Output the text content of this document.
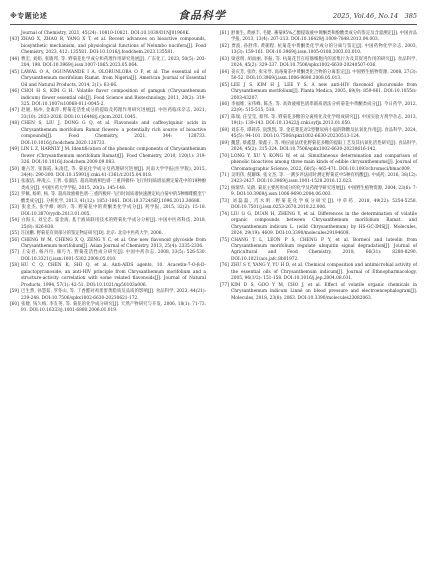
※专题论述	食品科学	2025, Vol.46, No.14　385

Journal of Chemistry, 2021, 45(24): 10810-10821. DOI:10.1039/D1NJ01960K.

[43] ZHAO X, ZHAO R, YANG X T, et al. Recent advances on bioactive compounds, biosynthetic mechanism, and physiological functions of Nelumbo nucifera[J]. Food Chemistry, 2023, 412: 135581. DOI:10.1016/j.foodchem.2023.135581.

[44] 曹宏, 刘娟, 张敏邦, 等. 野菊花化学成分和药理作用研究进展[J]. 广东化工, 2023, 50(5): 203-204, 198. DOI:10.3969/j.issn.1007-1865.2023.05.064.

[45] LAWAL O A, OGUNWANDE I A, OLORUNLOBA O F, et al. The essential oil of Chrysanthemum morifolium Ramat. from Nigeria[J]. American Journal of Essential Oil and Natural Products, 2014, 2(1): 63-66.

[46] CHOI H S, KIM G H. Volatile flavor composition of gamguk (Chrysanthemum indicum) flower essential oils[J]. Food Science and Biotechnology, 2011, 20(2): 319-325. DOI:10.1007/s10068-011-0045-2.

[47] 赵媛, 杨冲, 金素萍. 野菊花活性成分的提取及药理作用研究进展[J]. 中医药临床杂志, 2021, 33(10): 2023-2026. DOI:10.16448/j.cjtcm.2021.1045.

[48] CHEN S, LIU J, DONG G Q, et al. Flavonoids and caffeoylquinic acids in Chrysanthemum morifolium Ramat flowers: a potentially rich source of bioactive compounds[J]. Food Chemistry, 2021, 344: 128733. DOI:10.1016/j.foodchem.2020.128733.

[49] LIN L Z, HARNLY J M. Identification of the phenolic components of Chrysanthemum flower (Chrysanthemum morifolium Ramat)[J]. Food Chemistry, 2010, 120(1): 319-326. DOI:10.1016/j.foodchem.2009.09.083.

[50] 谢占芳, 张保霞, 朱凌佳, 等. 菊花化学成分及药理研究进展[J]. 河南大学学报(医学版), 2015, 34(4): 290-300. DOI:10.15991/j.cnki.41-1361/r.2015.04.018.

[51] 张淑洁, 钟凌云. 王智. 张淑洁. 超高效液相色谱-三重四极杆-飞行时间质谱法测定菊花中的19种酚类成分[J]. 中国医药大学学报, 2015, 20(3): 145-148.

[52] 罗佩, 杨昕, 杨, 等. 超高效液相色谱-三重四极杆-飞行时间质谱快速测定杭白菊中的5种咖啡酰奎宁酸类成分[J]. 分析化学, 2013, 41(12): 1851-1861. DOI:10.3724/SP.J.1096.2013.30688.

[53] 张金杰, 张学峰, 顾玲, 等. 野菊花中的黄酮类化学成分[J]. 药学报, 2015, 32(2): 15-18. DOI:10.3870/yydb.2013.01.005.

[54] 白海玉, 刘宝忠, 霍金海, 基于液质联用技术的野菊化学成分分析[J]. 中国中医药科技, 2018, 25(8): 826-830.

[55] 汪国鹏. 野菊花有效部分的鉴定物证研究[D]. 北京: 北京中医药大学, 2006.

[56] CHENG W M, CHENG X Q, ZENG Y C, et al. One new flavonoid glycoside from Chrysanthemum morifolium[J]. Asian Journal of Chemistry, 2013, 25(4): 2335-2336.

[57] 王安君, 杨丹丹, 颜巧力. 野菊花活性成分研究[J]. 中国中药杂志, 2008, 33(5): 526-530. DOI:10.3321/j.issn:1001-5302.2008.05.010.

[58] HU C Q, CHEN K, SHI Q, et al. Anti-AIDS agents, 10. Acacetin-7-O-β-D-galactopyranoside, an anti-HIV principle from Chrysanthemum morifolium and a structure-activity correlation with some related flavonoids[J]. Journal of Natural Products, 1994, 57(1): 42-51. DOI:10.1021/np50103a006.

[59] 巴生然, 孙慧茹, 罗冬山, 等. 丁香醛对鸡蛋蛋黄脂质及品质的影响[J]. 食品科学, 2023, 44(21): 239-248. DOI:10.7506/spkx1002-6630-20230621-172.

[60] 张婕, 钱久梅, 李友英, 等. 菊花的化学成分研究[J]. 天然产物研究与开发, 2006, 18(1): 71-73, 91. DOI:10.16333/j.1001-6880.2006.01.019.

[61] 舒俊生, 黄丽丰, 毛健. 蕃菊95%乙醇提取液中黄酮类和酚酸类成分的鉴定及含量测定[J]. 中国食品学报, 2013, 13(4): 207-213. DOI:10.16429/j.1009-7848.2013.04.003.

[62] 贾波, 孙舒伟, 黄朝程. 杭菊花中黄酮类化学成分的分离与鉴定[J]. 中国药物化学杂志, 2003, 13(3): 159-161. DOI:10.3969/j.issn.1005-0108.2003.03.010.

[63] 梁意明, 胡雨丽, 李振, 等. 杭菊花苷在结肠细胞内的富集行为及其促进作用的研究[J]. 食品科学, 2024, 45(2): 329-337. DOI:10.7506/spkx1002-6630-20240507-036.

[64] 姜庆芳, 张欣, 张宋琴. 高毒菊茶中黄酮类化合物的分离鉴定[J]. 中国野生植物资源, 2008, 27(3): 50-52. DOI:10.3969/j.issn.1006-9690.2008.05.013.

[65] LEE J S, KIM H J, LEE Y S. A new anti-HIV flavonoid glucuronide from Chrysanthemum morifolium[J]. Planta Medica, 2005, 69(9): 859-861. DOI:10.1055/s-2003-43207.

[66] 李福维, 宋伟峰, 陈杰, 等. 高效液相色谱串联质谱法分析菊花中黄酮类成分[J]. 今日药学, 2012, 22(9): 515-515, 518.

[67] 陈瑞, 任莹莹, 蔡邦. 等. 野菊花多糖的分离纯化及化学组成研究[J]. 中国实验方剂学杂志, 2013, 19(1): 139-143. DOI:10.13422/j.cnki.syfjx.2013.01.050.

[68] 刘东芬, 谭莉莎, 阮凯凯, 等. 金花菜花对2型糖尿病小鼠的降糖及抗氧化作用[J]. 食品科学, 2024, 45(5): 94-101. DOI:10.7506/spkx1002-6630-20230513-124.

[69] 魏慧, 蔡鑫慧, 梁鑫子, 等. 响应面法优化野菊花多糖的提取工艺及其抗氧化活性研究[J]. 食品科学, 2024, 45(2): 315-324. DOI:10.7506/spkx1002-6630-20230616-142.

[70] LONG Y, XU Y, KONG W, et al. Simultaneous determination and comparison of phenolic bioactives among three main kinds of edible chrysanthemums[J]. Journal of Chromatographic Science, 2022, 60(5): 465-471. DOI:10.1093/chromsci/bmac009.

[71] 吴明伟, 倪耀珠, 张文杰, 等. 一测多评法同时测定野菊花中5种有机酸[J]. 中成药, 2016, 38(12): 2423-2427. DOI:10.3969/j.issn.1001-1528.2016.12.023.

[72] 杨瑞华, 吴蔚. 菊花主要药用成分的化学及药理学研究进展[J]. 中国野生植物资源, 2004, 23(6): 7-9. DOI:10.3969/j.issn.1006-9690.2004.06.003.

[73] 刘磊磊, 肖水明. 野菊花化学成分研究[J]. 中草药, 2018, 49(22): 5254-5258. DOI:10.7501/j.issn.0253-2670.2018.22.006.

[74] LIU G G, DUAN H, ZHENG Y, et al. Differences in the determination of volatile organic compounds between Chrysanthemum morifolium Ramat. and Chrysanthemum indicum L. (wild Chrysanthemum) by HS-GC-IMS[J]. Molecules, 2024, 29(19): 4609. DOI:10.3390/molecules29194609.

[75] CHANG T L, LEON P S, CHENG P Y, et al. Borneol and luteolin from Chrysanthemum morifolium regulate ubiquitin signal degradation[J]. Journal of Agricultural and Food Chemistry, 2018, 66(31): 8280-8290. DOI:10.1021/acs.jafc.8b01972.

[76] ZHU S Y, YANG Y, YU H D, et al. Chemical composition and antimicrobial activity of the essential oils of Chrysanthemum indicum[J]. Journal of Ethnopharmacology, 2005, 96(1/2): 151-158. DOI:10.1016/j.jep.2004.08.031.

[77] KIM D S, GOO Y M, CHO J, et al. Effect of volatile organic chemicals in Chrysanthemum indicum Linné on blood pressure and electroencephalogram[J]. Molecules, 2018, 23(8): 2063. DOI:10.3390/molecules23082063.
